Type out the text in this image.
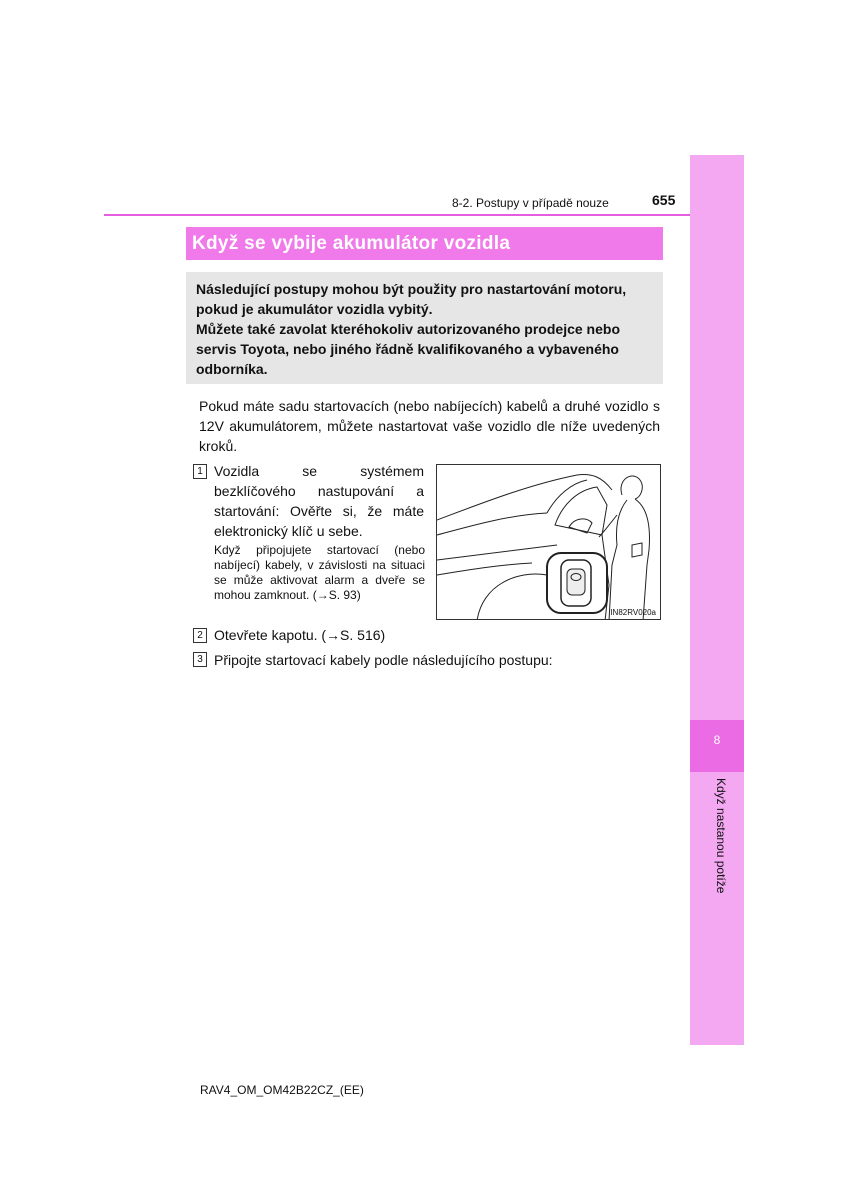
8
Když nastanou potíže
8-2. Postupy v případě nouze	655
Když se vybije akumulátor vozidla

Následující postupy mohou být použity pro nastartování motoru, pokud je akumulátor vozidla vybitý.

Můžete také zavolat kteréhokoliv autorizovaného prodejce nebo servis Toyota, nebo jiného řádně kvalifikovaného a vybaveného odborníka.

Pokud máte sadu startovacích (nebo nabíjecích) kabelů a druhé vozidlo s 12V akumulátorem, můžete nastartovat vaše vozidlo dle níže uvedených kroků.

1 Vozidla se systémem bezklíčového nastupování a startování: Ověřte si, že máte elektronický klíč u sebe.

Když připojujete startovací (nebo nabíjecí) kabely, v závislosti na situaci se může aktivovat alarm a dveře se mohou zamknout. (→S. 93)

IN82RV020a
2 Otevřete kapotu. (→S. 516)

3 Připojte startovací kabely podle následujícího postupu:

RAV4_OM_OM42B22CZ_(EE)
